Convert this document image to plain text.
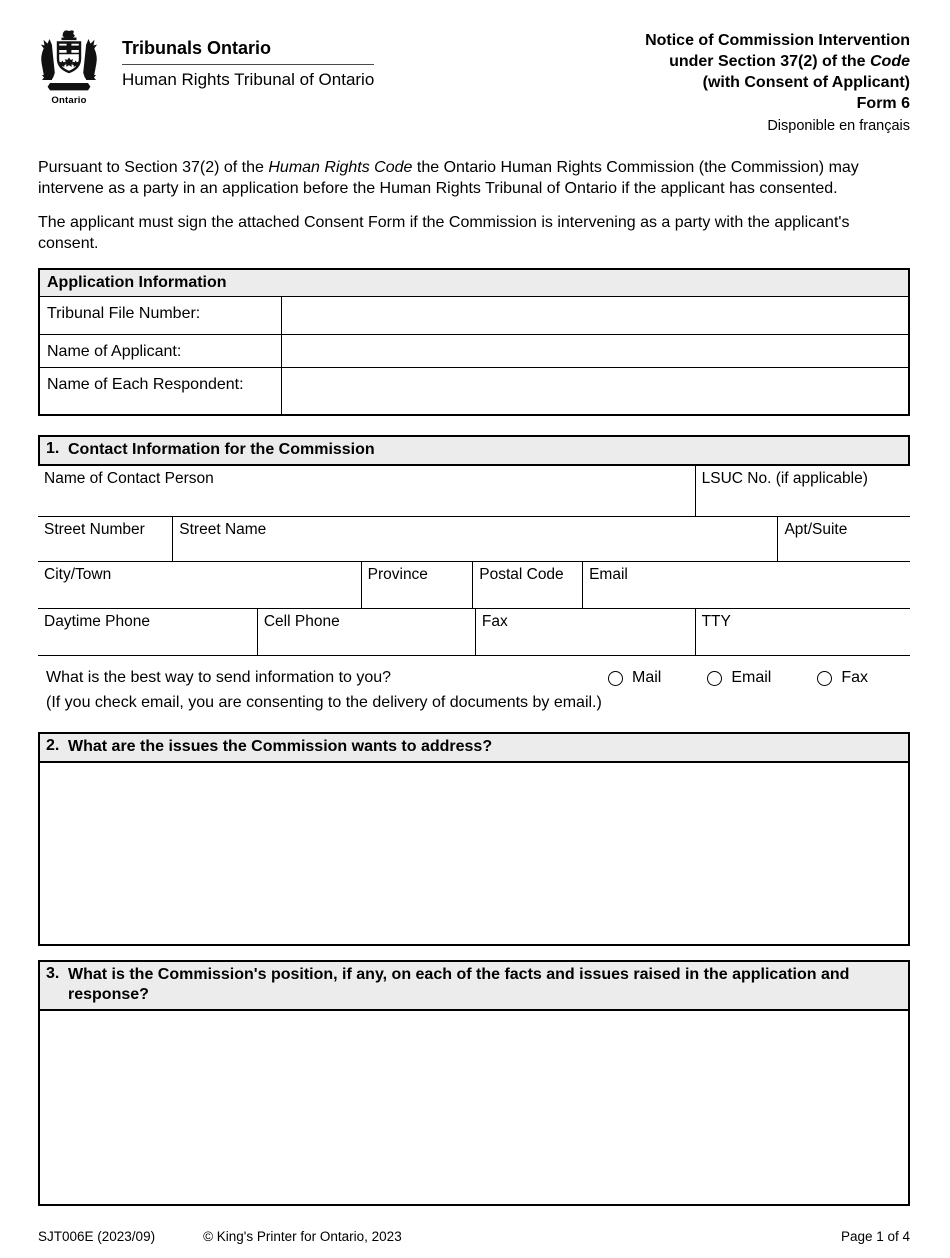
Ontario
Tribunals Ontario
Human Rights Tribunal of Ontario
Notice of Commission Intervention
under Section 37(2) of the Code
(with Consent of Applicant)
Form 6
Disponible en français

Pursuant to Section 37(2) of the Human Rights Code the Ontario Human Rights Commission (the Commission) may intervene as a party in an application before the Human Rights Tribunal of Ontario if the applicant has consented.

The applicant must sign the attached Consent Form if the Commission is intervening as a party with the applicant's consent.

Application Information
Tribunal File Number:
Name of Applicant:
Name of Each Respondent:
1. Contact Information for the Commission
Name of Contact Person	LSUC No. (if applicable)
Street Number	Street Name	Apt/Suite
City/Town	Province	Postal Code	Email
Daytime Phone	Cell Phone	Fax	TTY
What is the best way to send information to you?	Mail	Email	Fax
(If you check email, you are consenting to the delivery of documents by email.)
2. What are the issues the Commission wants to address?
3. What is the Commission's position, if any, on each of the facts and issues raised in the application and response?
SJT006E (2023/09)	© King's Printer for Ontario, 2023	Page 1 of 4
